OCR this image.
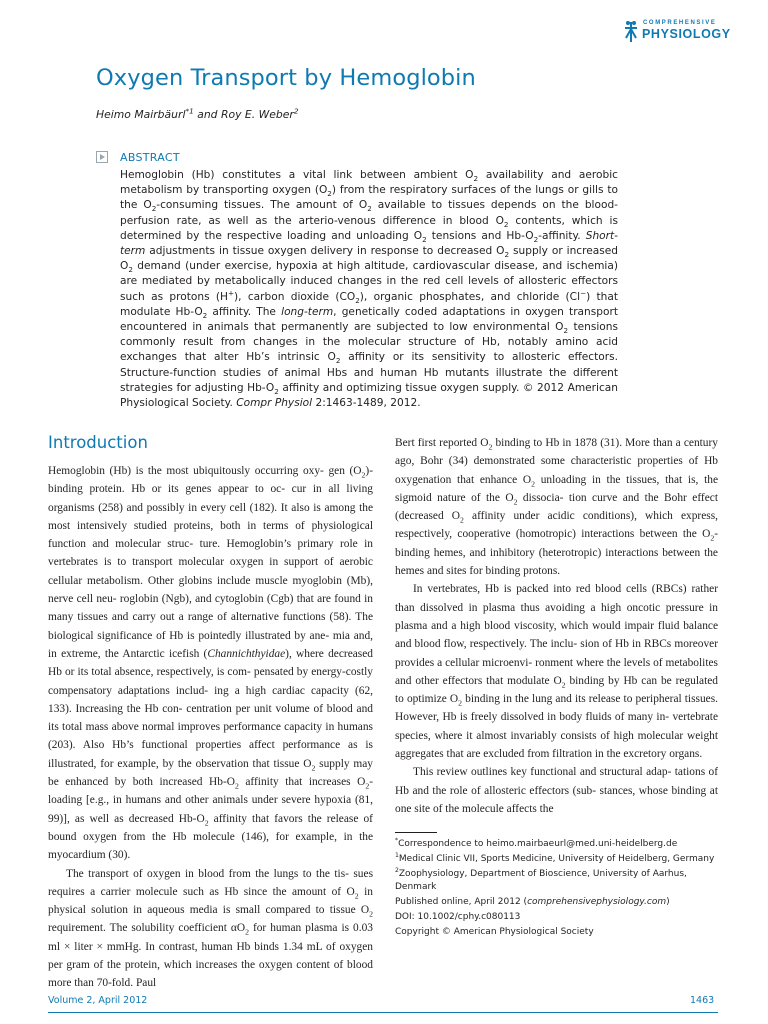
COMPREHENSIVE
PHYSIOLOGY
Oxygen Transport by Hemoglobin
Heimo Mairbäurl$^{*1}$ and Roy E. Weber$^2$
ABSTRACT
Hemoglobin (Hb) constitutes a vital link between ambient $O_2$ availability and aerobic metabolism by transporting oxygen $(O_2)$ from the respiratory surfaces of the lungs or gills to the $O_2$-consuming tissues. The amount of $O_2$ available to tissues depends on the blood-perfusion rate, as well as the arterio-venous difference in blood $O_2$ contents, which is determined by the respective loading and unloading $O_2$ tensions and $Hb-O_2$-affinity. Short-term adjustments in tissue oxygen delivery in response to decreased $O_2$ supply or increased $O_2$ demand (under exercise, hypoxia at high altitude, cardiovascular disease, and ischemia) are mediated by metabolically induced changes in the red cell levels of allosteric effectors such as protons (H+), carbon dioxide $(CO_2)$, organic phosphates, and chloride (Cl−) that modulate $Hb-O_2$ affinity. The long-term, genetically coded adaptations in oxygen transport encountered in animals that permanently are subjected to low environmental $O_2$ tensions commonly result from changes in the molecular structure of Hb, notably amino acid exchanges that alter Hb’s intrinsic $O_2$ affinity or its sensitivity to allosteric effectors. Structure-function studies of animal Hbs and human Hb mutants illustrate the different strategies for adjusting $Hb-O_2$ affinity and optimizing tissue oxygen supply. © 2012 American Physiological Society. Compr Physiol 2:1463-1489, 2012.
Introduction

Hemoglobin (Hb) is the most ubiquitously occurring oxy- gen $(O_2)$-binding protein. Hb or its genes appear to oc- cur in all living organisms (258) and possibly in every cell (182). It also is among the most intensively studied proteins, both in terms of physiological function and molecular struc- ture. Hemoglobin’s primary role in vertebrates is to transport molecular oxygen in support of aerobic cellular metabolism. Other globins include muscle myoglobin (Mb), nerve cell neu- roglobin (Ngb), and cytoglobin (Cgb) that are found in many tissues and carry out a range of alternative functions (58). The biological significance of Hb is pointedly illustrated by ane- mia and, in extreme, the Antarctic icefish (Channichthyidae), where decreased Hb or its total absence, respectively, is com- pensated by energy-costly compensatory adaptations includ- ing a high cardiac capacity (62, 133). Increasing the Hb con- centration per unit volume of blood and its total mass above normal improves performance capacity in humans (203). Also Hb’s functional properties affect performance as is illustrated, for example, by the observation that tissue $O_2$ supply may be enhanced by both increased $Hb-O_2$ affinity that increases $O_2$-loading [e.g., in humans and other animals under severe hypoxia (81, 99)], as well as decreased $Hb-O_2$ affinity that favors the release of bound oxygen from the Hb molecule (146), for example, in the myocardium (30).

The transport of oxygen in blood from the lungs to the tis- sues requires a carrier molecule such as Hb since the amount of $O_2$ in physical solution in aqueous media is small compared to tissue $O_2$ requirement. The solubility coefficient $\alpha O_2$ for human plasma is 0.03 ml × liter × mmHg. In contrast, human Hb binds 1.34 mL of oxygen per gram of the protein, which increases the oxygen content of blood more than 70-fold. Paul

Bert first reported $O_2$ binding to Hb in 1878 (31). More than a century ago, Bohr (34) demonstrated some characteristic properties of Hb oxygenation that enhance $O_2$ unloading in the tissues, that is, the sigmoid nature of the $O_2$ dissocia- tion curve and the Bohr effect (decreased $O_2$ affinity under acidic conditions), which express, respectively, cooperative (homotropic) interactions between the $O_2$-binding hemes, and inhibitory (heterotropic) interactions between the hemes and sites for binding protons.

In vertebrates, Hb is packed into red blood cells (RBCs) rather than dissolved in plasma thus avoiding a high oncotic pressure in plasma and a high blood viscosity, which would impair fluid balance and blood flow, respectively. The inclu- sion of Hb in RBCs moreover provides a cellular microenvi- ronment where the levels of metabolites and other effectors that modulate $O_2$ binding by Hb can be regulated to optimize $O_2$ binding in the lung and its release to peripheral tissues. However, Hb is freely dissolved in body fluids of many in- vertebrate species, where it almost invariably consists of high molecular weight aggregates that are excluded from filtration in the excretory organs.

This review outlines key functional and structural adap- tations of Hb and the role of allosteric effectors (sub- stances, whose binding at one site of the molecule affects the

*Correspondence to heimo.mairbaeurl@med.uni-heidelberg.de

$^1$Medical Clinic VII, Sports Medicine, University of Heidelberg, Germany

$^2$Zoophysiology, Department of Bioscience, University of Aarhus, Denmark

Published online, April 2012 (comprehensivephysiology.com)

DOI: 10.1002/cphy.c080113

Copyright © American Physiological Society

Volume 2, April 2012	1463
